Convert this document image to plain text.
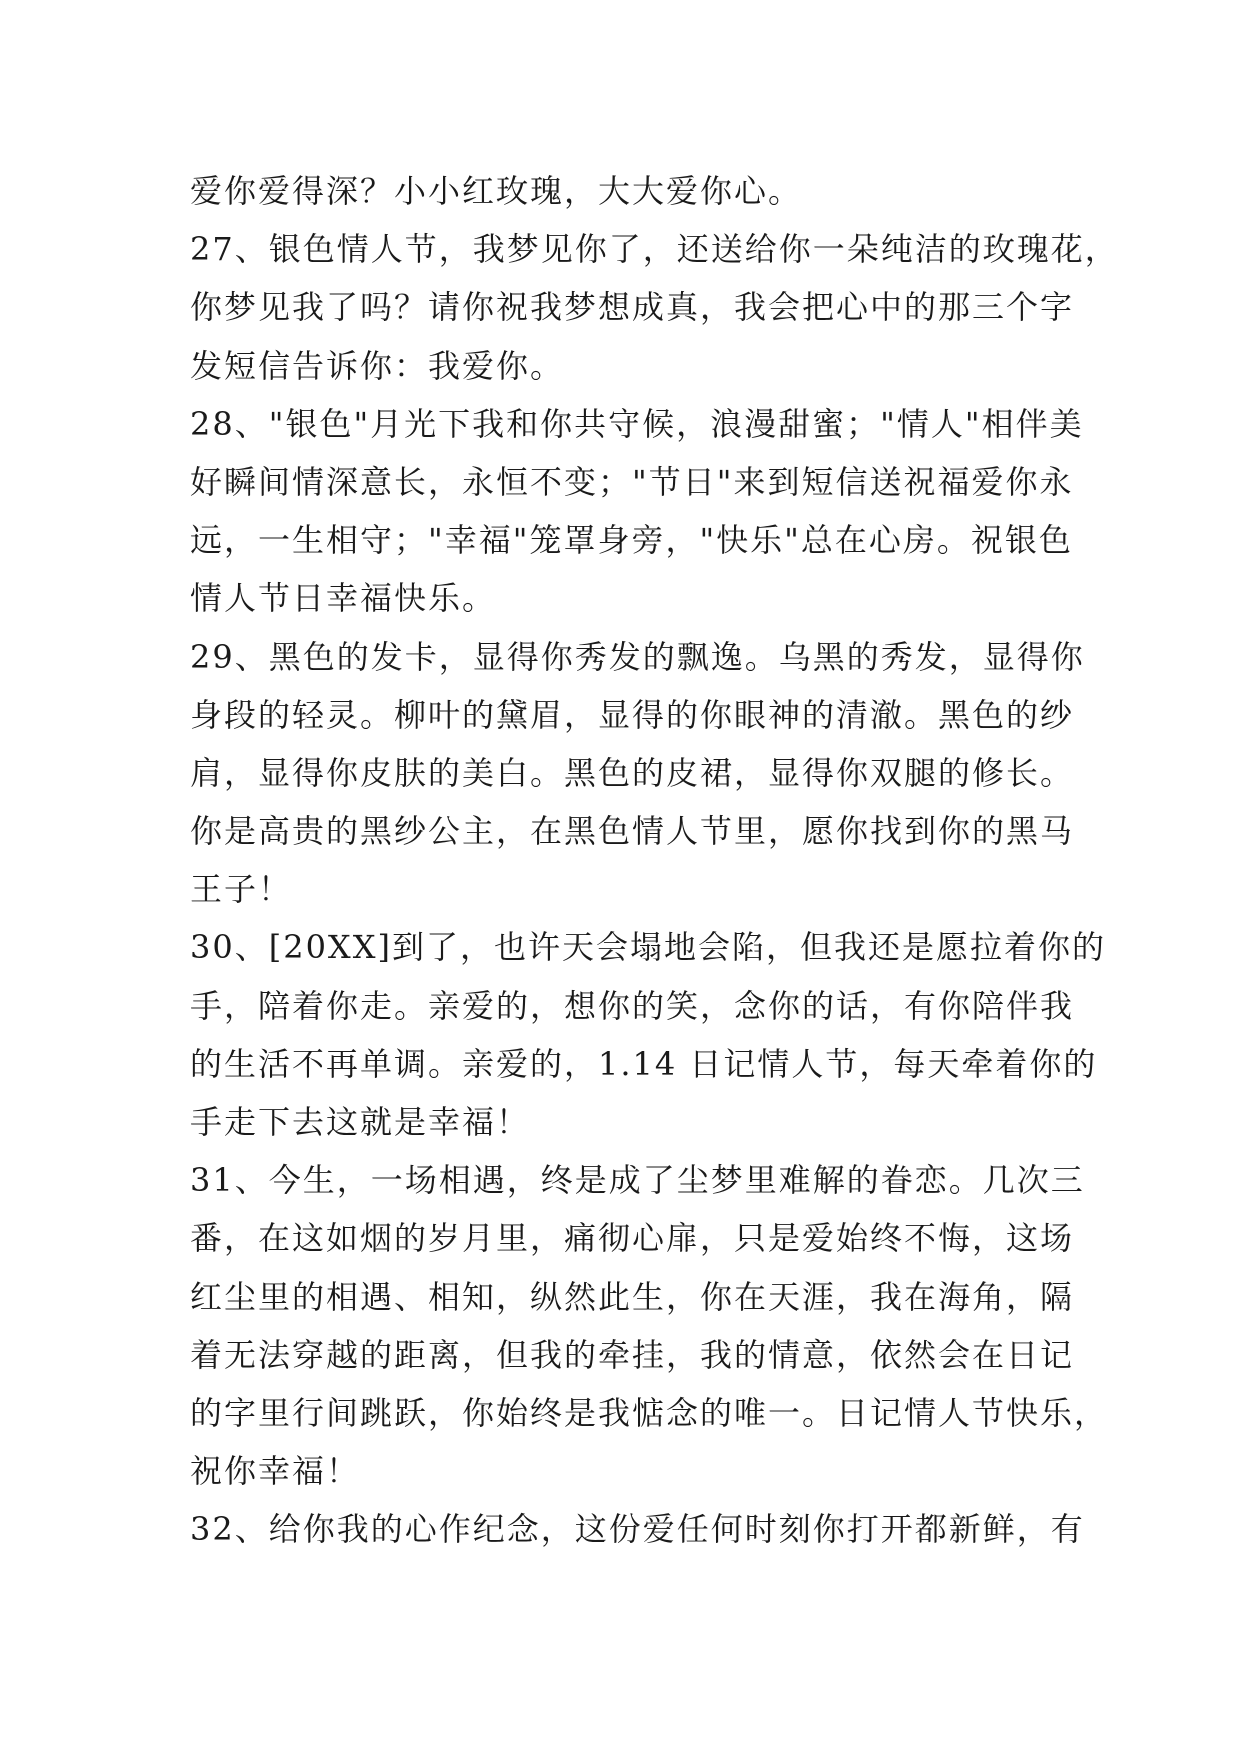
爱你爱得深？小小红玫瑰，大大爱你心。
27、银色情人节，我梦见你了，还送给你一朵纯洁的玫瑰花，
你梦见我了吗？请你祝我梦想成真，我会把心中的那三个字
发短信告诉你：我爱你。
28、"银色"月光下我和你共守候，浪漫甜蜜；"情人"相伴美
好瞬间情深意长，永恒不变；"节日"来到短信送祝福爱你永
远，一生相守；"幸福"笼罩身旁，"快乐"总在心房。祝银色
情人节日幸福快乐。
29、黑色的发卡，显得你秀发的飘逸。乌黑的秀发，显得你
身段的轻灵。柳叶的黛眉，显得的你眼神的清澈。黑色的纱
肩，显得你皮肤的美白。黑色的皮裙，显得你双腿的修长。
你是高贵的黑纱公主，在黑色情人节里，愿你找到你的黑马
王子！
30、[20XX]到了，也许天会塌地会陷，但我还是愿拉着你的
手，陪着你走。亲爱的，想你的笑，念你的话，有你陪伴我
的生活不再单调。亲爱的，1.14 日记情人节，每天牵着你的
手走下去这就是幸福！
31、今生，一场相遇，终是成了尘梦里难解的眷恋。几次三
番，在这如烟的岁月里，痛彻心扉，只是爱始终不悔，这场
红尘里的相遇、相知，纵然此生，你在天涯，我在海角，隔
着无法穿越的距离，但我的牵挂，我的情意，依然会在日记
的字里行间跳跃，你始终是我惦念的唯一。日记情人节快乐，
祝你幸福！
32、给你我的心作纪念，这份爱任何时刻你打开都新鲜，有
